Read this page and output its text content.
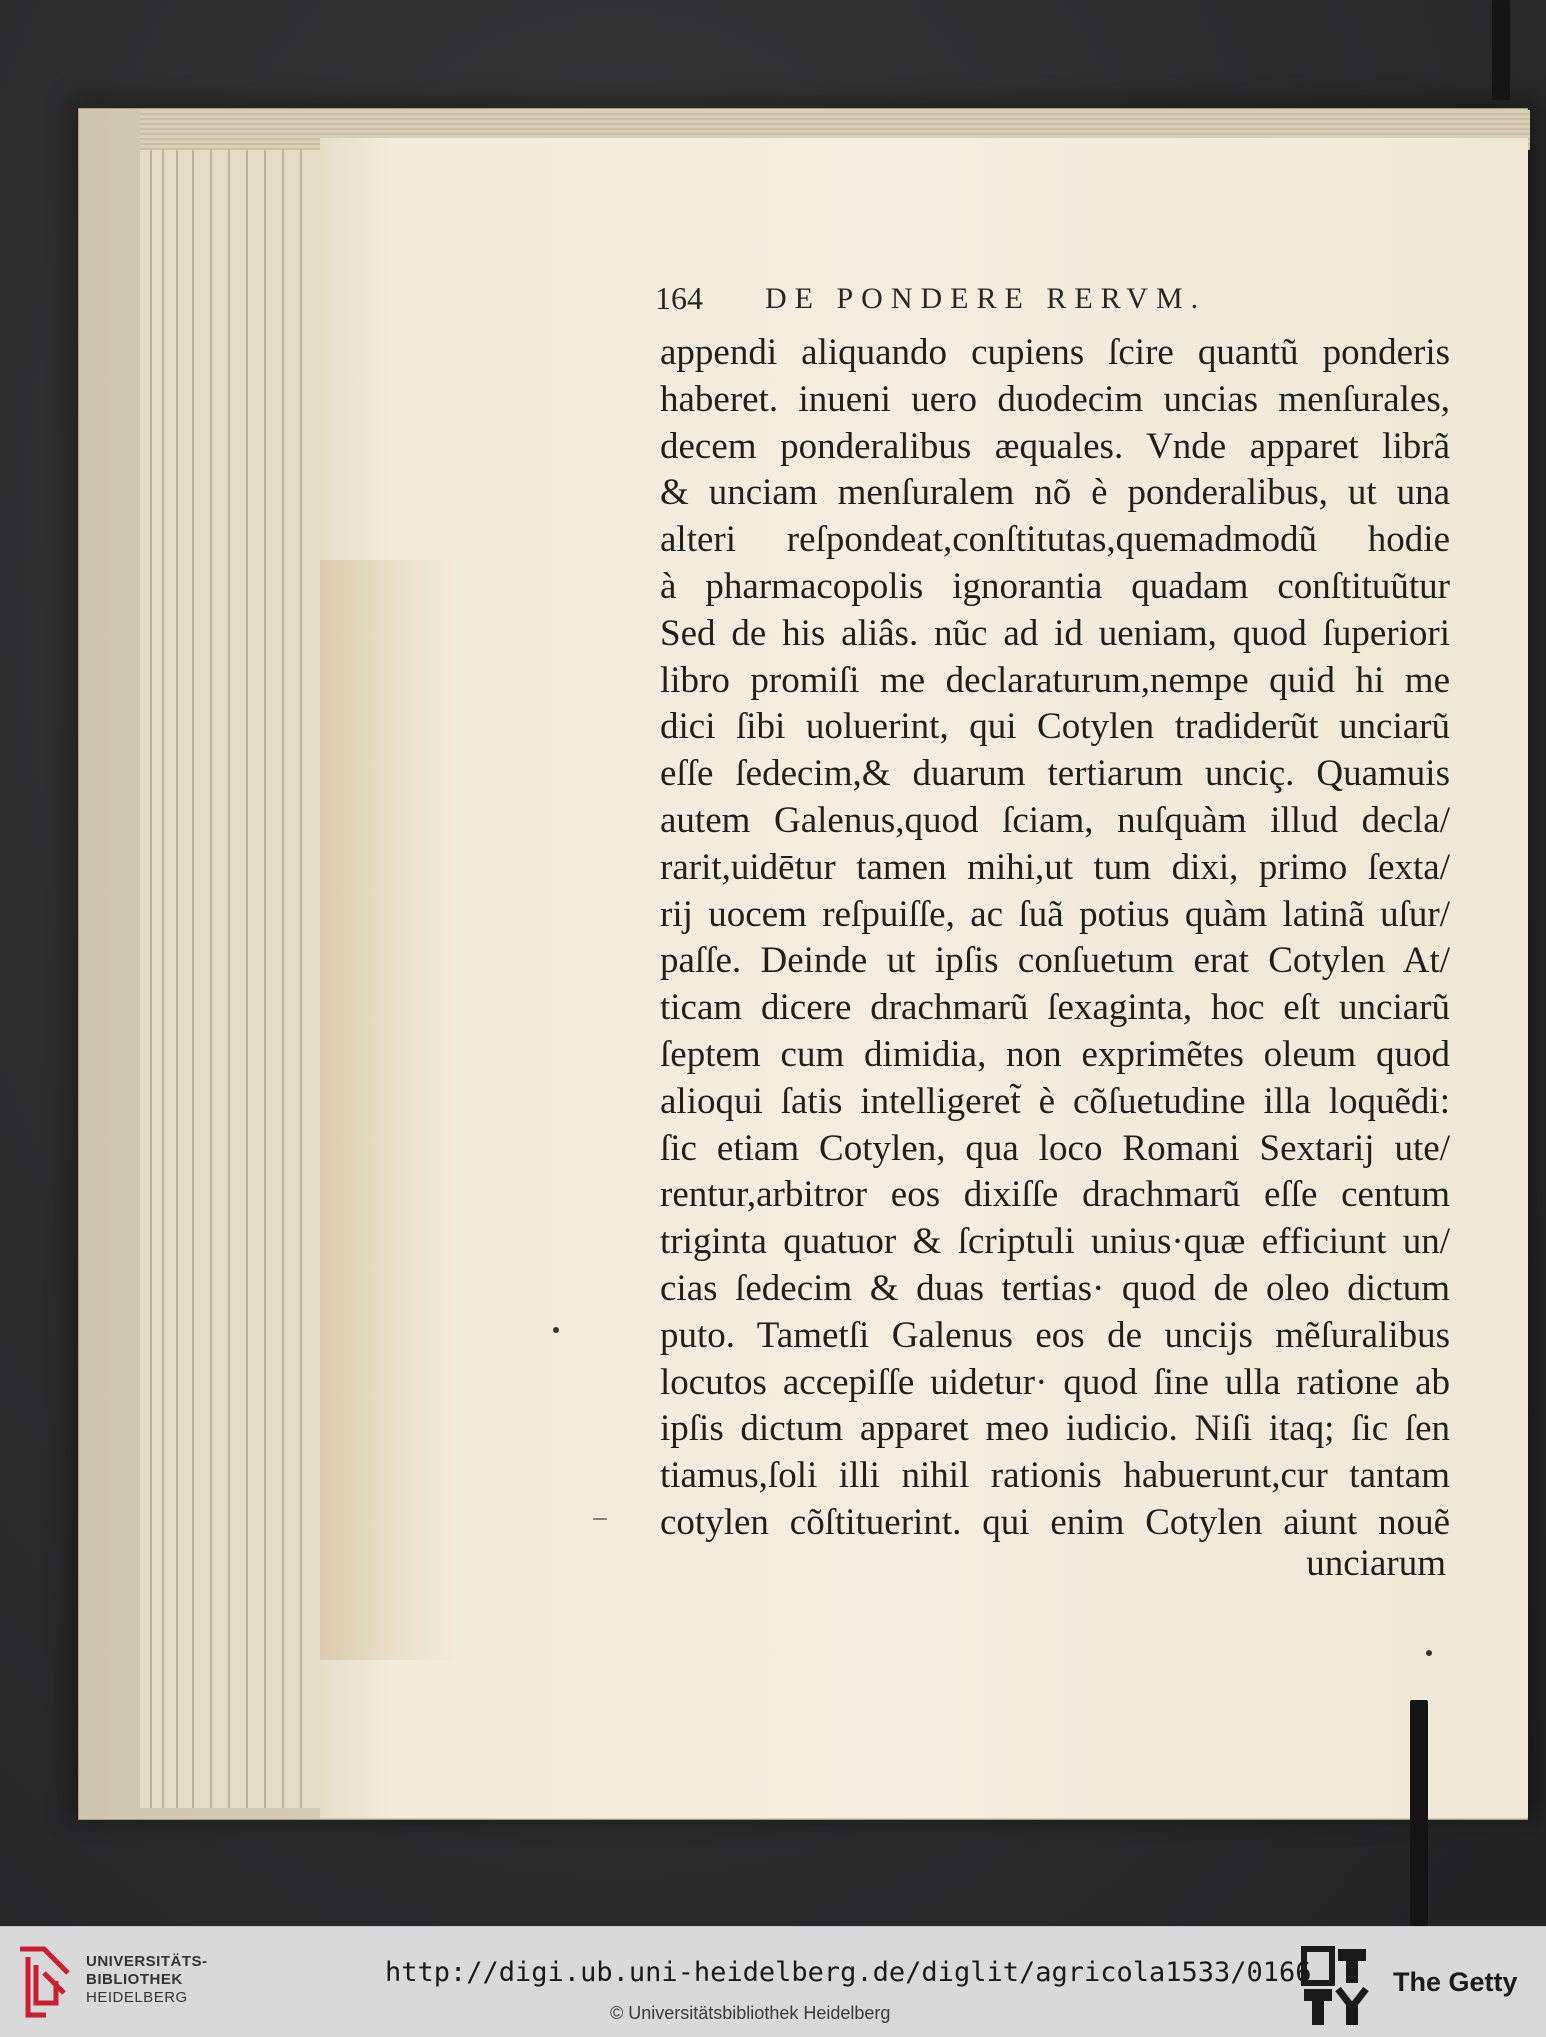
164 DE PONDERE RERVM.
appendi aliquando cupiens ſcire quantũ ponderis
haberet. inueni uero duodecim uncias menſurales,
decem ponderalibus æquales. Vnde apparet librã
& unciam menſuralem nõ è ponderalibus, ut una
alteri reſpondeat,conſtitutas,quemadmodũ hodie
à pharmacopolis ignorantia quadam conſtituũtur
Sed de his aliâs. nũc ad id ueniam, quod ſuperiori
libro promiſi me declaraturum,nempe quid hi me
dici ſibi uoluerint, qui Cotylen tradiderũt unciarũ
eſſe ſedecim,& duarum tertiarum unciç. Quamuis
autem Galenus,quod ſciam, nuſquàm illud decla/
rarit,uidētur tamen mihi,ut tum dixi, primo ſexta/
rij uocem reſpuiſſe, ac ſuã potius quàm latinã uſur/
paſſe. Deinde ut ipſis conſuetum erat Cotylen At/
ticam dicere drachmarũ ſexaginta, hoc eſt unciarũ
ſeptem cum dimidia, non exprimẽtes oleum quod
alioqui ſatis intelligeret̃ è cõſuetudine illa loquẽdi:
ſic etiam Cotylen, qua loco Romani Sextarij ute/
rentur,arbitror eos dixiſſe drachmarũ eſſe centum
triginta quatuor & ſcriptuli unius·quæ efficiunt un/
cias ſedecim & duas tertias· quod de oleo dictum
puto. Tametſi Galenus eos de uncijs mẽſuralibus
locutos accepiſſe uidetur· quod ſine ulla ratione ab
ipſis dictum apparet meo iudicio. Niſi itaq; ſic ſen
tiamus,ſoli illi nihil rationis habuerunt,cur tantam
cotylen cõſtituerint. qui enim Cotylen aiunt nouẽ
unciarum
UNIVERSITÄTS-
BIBLIOTHEK
HEIDELBERG
http://digi.ub.uni-heidelberg.de/diglit/agricola1533/0166
© Universitätsbibliothek Heidelberg
The Getty
